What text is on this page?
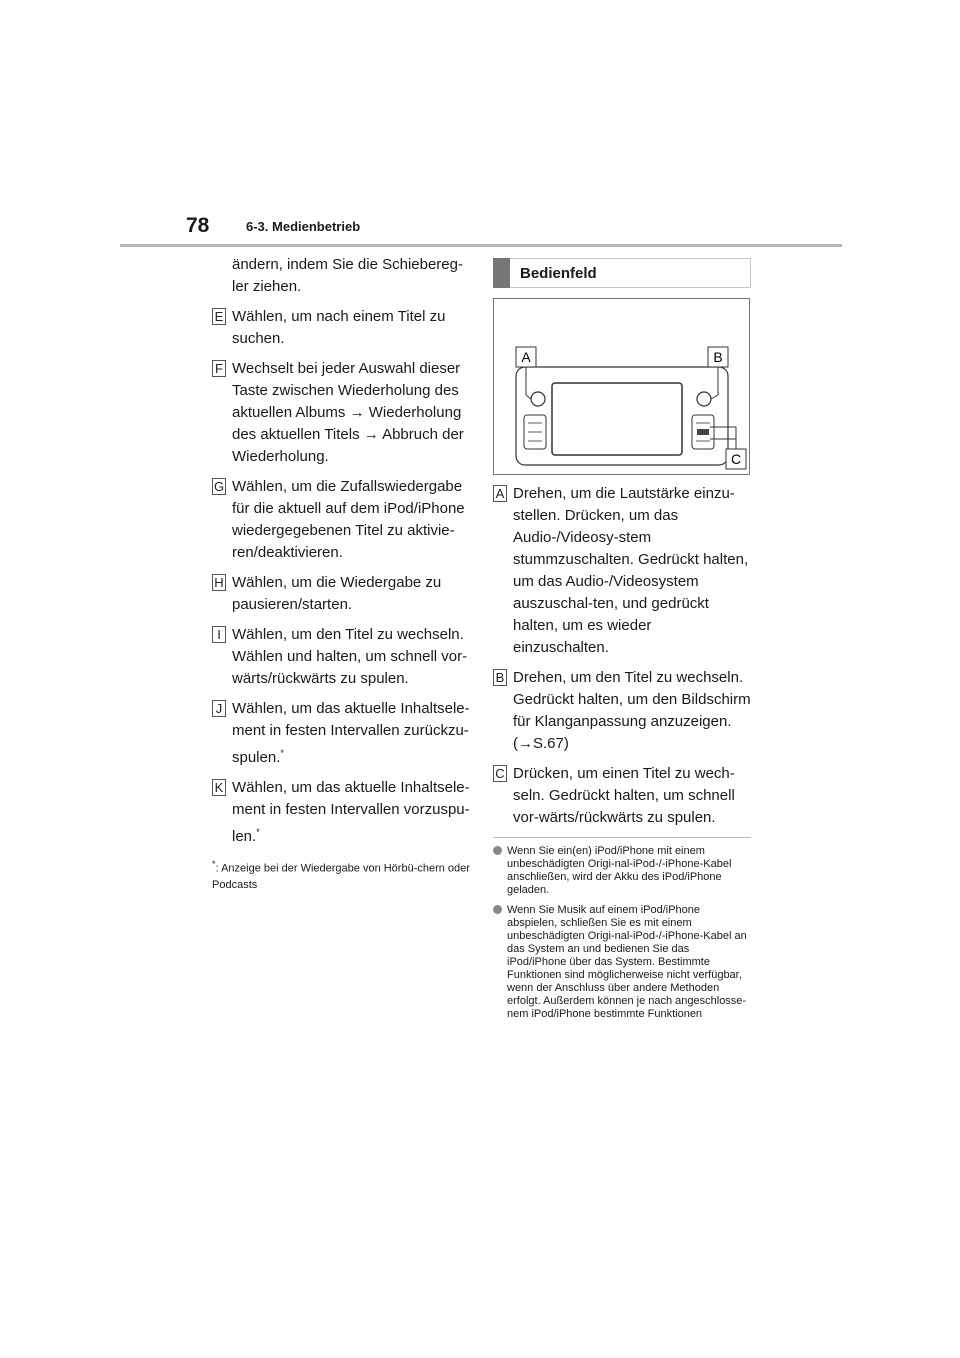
78	6-3. Medienbetrieb
ändern, indem Sie die Schiebereg-ler ziehen.
E Wählen, um nach einem Titel zu suchen.
F Wechselt bei jeder Auswahl dieser Taste zwischen Wiederholung des aktuellen Albums → Wiederholung des aktuellen Titels → Abbruch der Wiederholung.
G Wählen, um die Zufallswiedergabe für die aktuell auf dem iPod/iPhone wiedergegebenen Titel zu aktivie-ren/deaktivieren.
H Wählen, um die Wiedergabe zu pausieren/starten.
I Wählen, um den Titel zu wechseln. Wählen und halten, um schnell vor-wärts/rückwärts zu spulen.
J Wählen, um das aktuelle Inhaltsele-ment in festen Intervallen zurückzu-spulen.*
K Wählen, um das aktuelle Inhaltsele-ment in festen Intervallen vorzuspu-len.*
*: Anzeige bei der Wiedergabe von Hörbü-chern oder Podcasts
Bedienfeld
A	B
C
A Drehen, um die Lautstärke einzu-stellen. Drücken, um das Audio-/Videosy-stem stummzuschalten. Gedrückt halten, um das Audio-/Videosystem auszuschal-ten, und gedrückt halten, um es wieder einzuschalten.
B Drehen, um den Titel zu wechseln. Gedrückt halten, um den Bildschirm für Klanganpassung anzuzeigen. (→S.67)
C Drücken, um einen Titel zu wech-seln. Gedrückt halten, um schnell vor-wärts/rückwärts zu spulen.
Wenn Sie ein(en) iPod/iPhone mit einem unbeschädigten Origi-nal-iPod-/-iPhone-Kabel anschließen, wird der Akku des iPod/iPhone geladen.
Wenn Sie Musik auf einem iPod/iPhone abspielen, schließen Sie es mit einem unbeschädigten Origi-nal-iPod-/-iPhone-Kabel an das System an und bedienen Sie das iPod/iPhone über das System. Bestimmte Funktionen sind möglicherweise nicht verfügbar, wenn der Anschluss über andere Methoden erfolgt. Außerdem können je nach angeschlosse-nem iPod/iPhone bestimmte Funktionen
